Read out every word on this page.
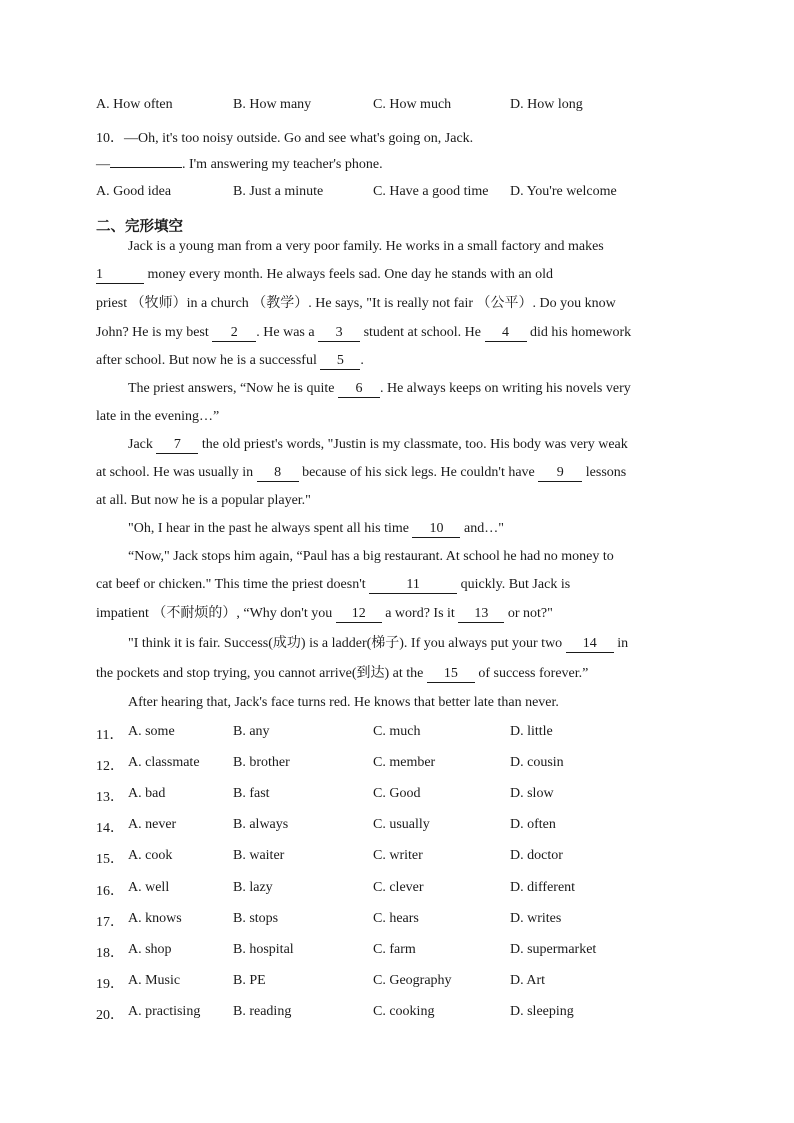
A. How often	B. How many	C. How much	D. How long
10．—Oh, it's too noisy outside. Go and see what's going on, Jack.
—	. I'm answering my teacher's phone.
A. Good idea	B. Just a minute	C. Have a good time D. You're welcome
二、完形填空
Jack is a young man from a very poor family. He works in a small factory and makes
1	money every month. He always feels sad. One day he stands with an old
priest （牧师）in a church （教学）. He says, "It is really not fair （公平）. Do you know
John? He is my best 2 . He was a 3 student at school. He 4 did his homework
after school. But now he is a successful 5 .
The priest answers, “Now he is quite 6 . He always keeps on writing his novels very
late in the evening…”
Jack 7 the old priest's words, "Justin is my classmate, too. His body was very weak
at school. He was usually in 8 because of his sick legs. He couldn't have 9 lessons
at all. But now he is a popular player."
"Oh, I hear in the past he always spent all his time 10 and…"
“Now," Jack stops him again, “Paul has a big restaurant. At school he had no money to
cat beef or chicken." This time the priest doesn't	11	quickly. But Jack is
impatient （不耐烦的）, “Why don't you 12 a word? Is it 13 or not?"
"I think it is fair. Success(成功) is a ladder(梯子). If you always put your two 14 in
the pockets and stop trying, you cannot arrive(到达) at the 15 of success forever.”
After hearing that, Jack's face turns red. He knows that better late than never.
11． A. some	B. any	C. much	D. little
12． A. classmate B. brother	C. member	D. cousin
13． A. bad	B. fast	C. Good	D. slow
14． A. never	B. always	C. usually	D. often
15． A. cook	B. waiter	C. writer	D. doctor
16． A. well	B. lazy	C. clever	D. different
17． A. knows	B. stops	C. hears	D. writes
18． A. shop	B. hospital	C. farm	D. supermarket
19． A. Music	B. PE	C. Geography	D. Art
20． A. practising B. reading	C. cooking	D. sleeping
